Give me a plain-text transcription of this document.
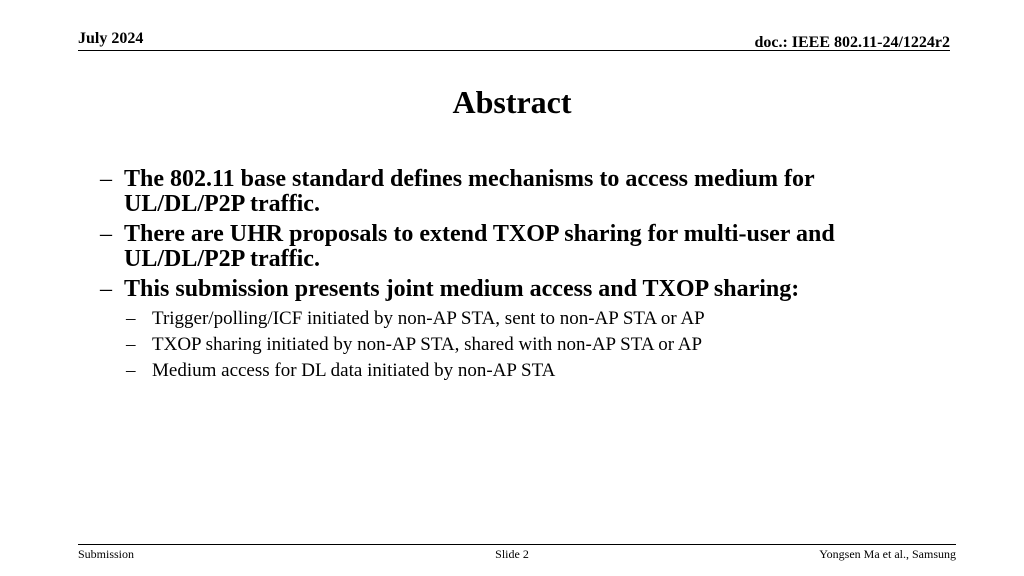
July 2024	doc.: IEEE 802.11-24/1224r2
Abstract
– The 802.11 base standard defines mechanisms to access medium for UL/DL/P2P traffic.
– There are UHR proposals to extend TXOP sharing for multi-user and UL/DL/P2P traffic.
– This submission presents joint medium access and TXOP sharing:
– Trigger/polling/ICF initiated by non-AP STA, sent to non-AP STA or AP
– TXOP sharing initiated by non-AP STA, shared with non-AP STA or AP
– Medium access for DL data initiated by non-AP STA
Submission	Slide 2	Yongsen Ma et al., Samsung
